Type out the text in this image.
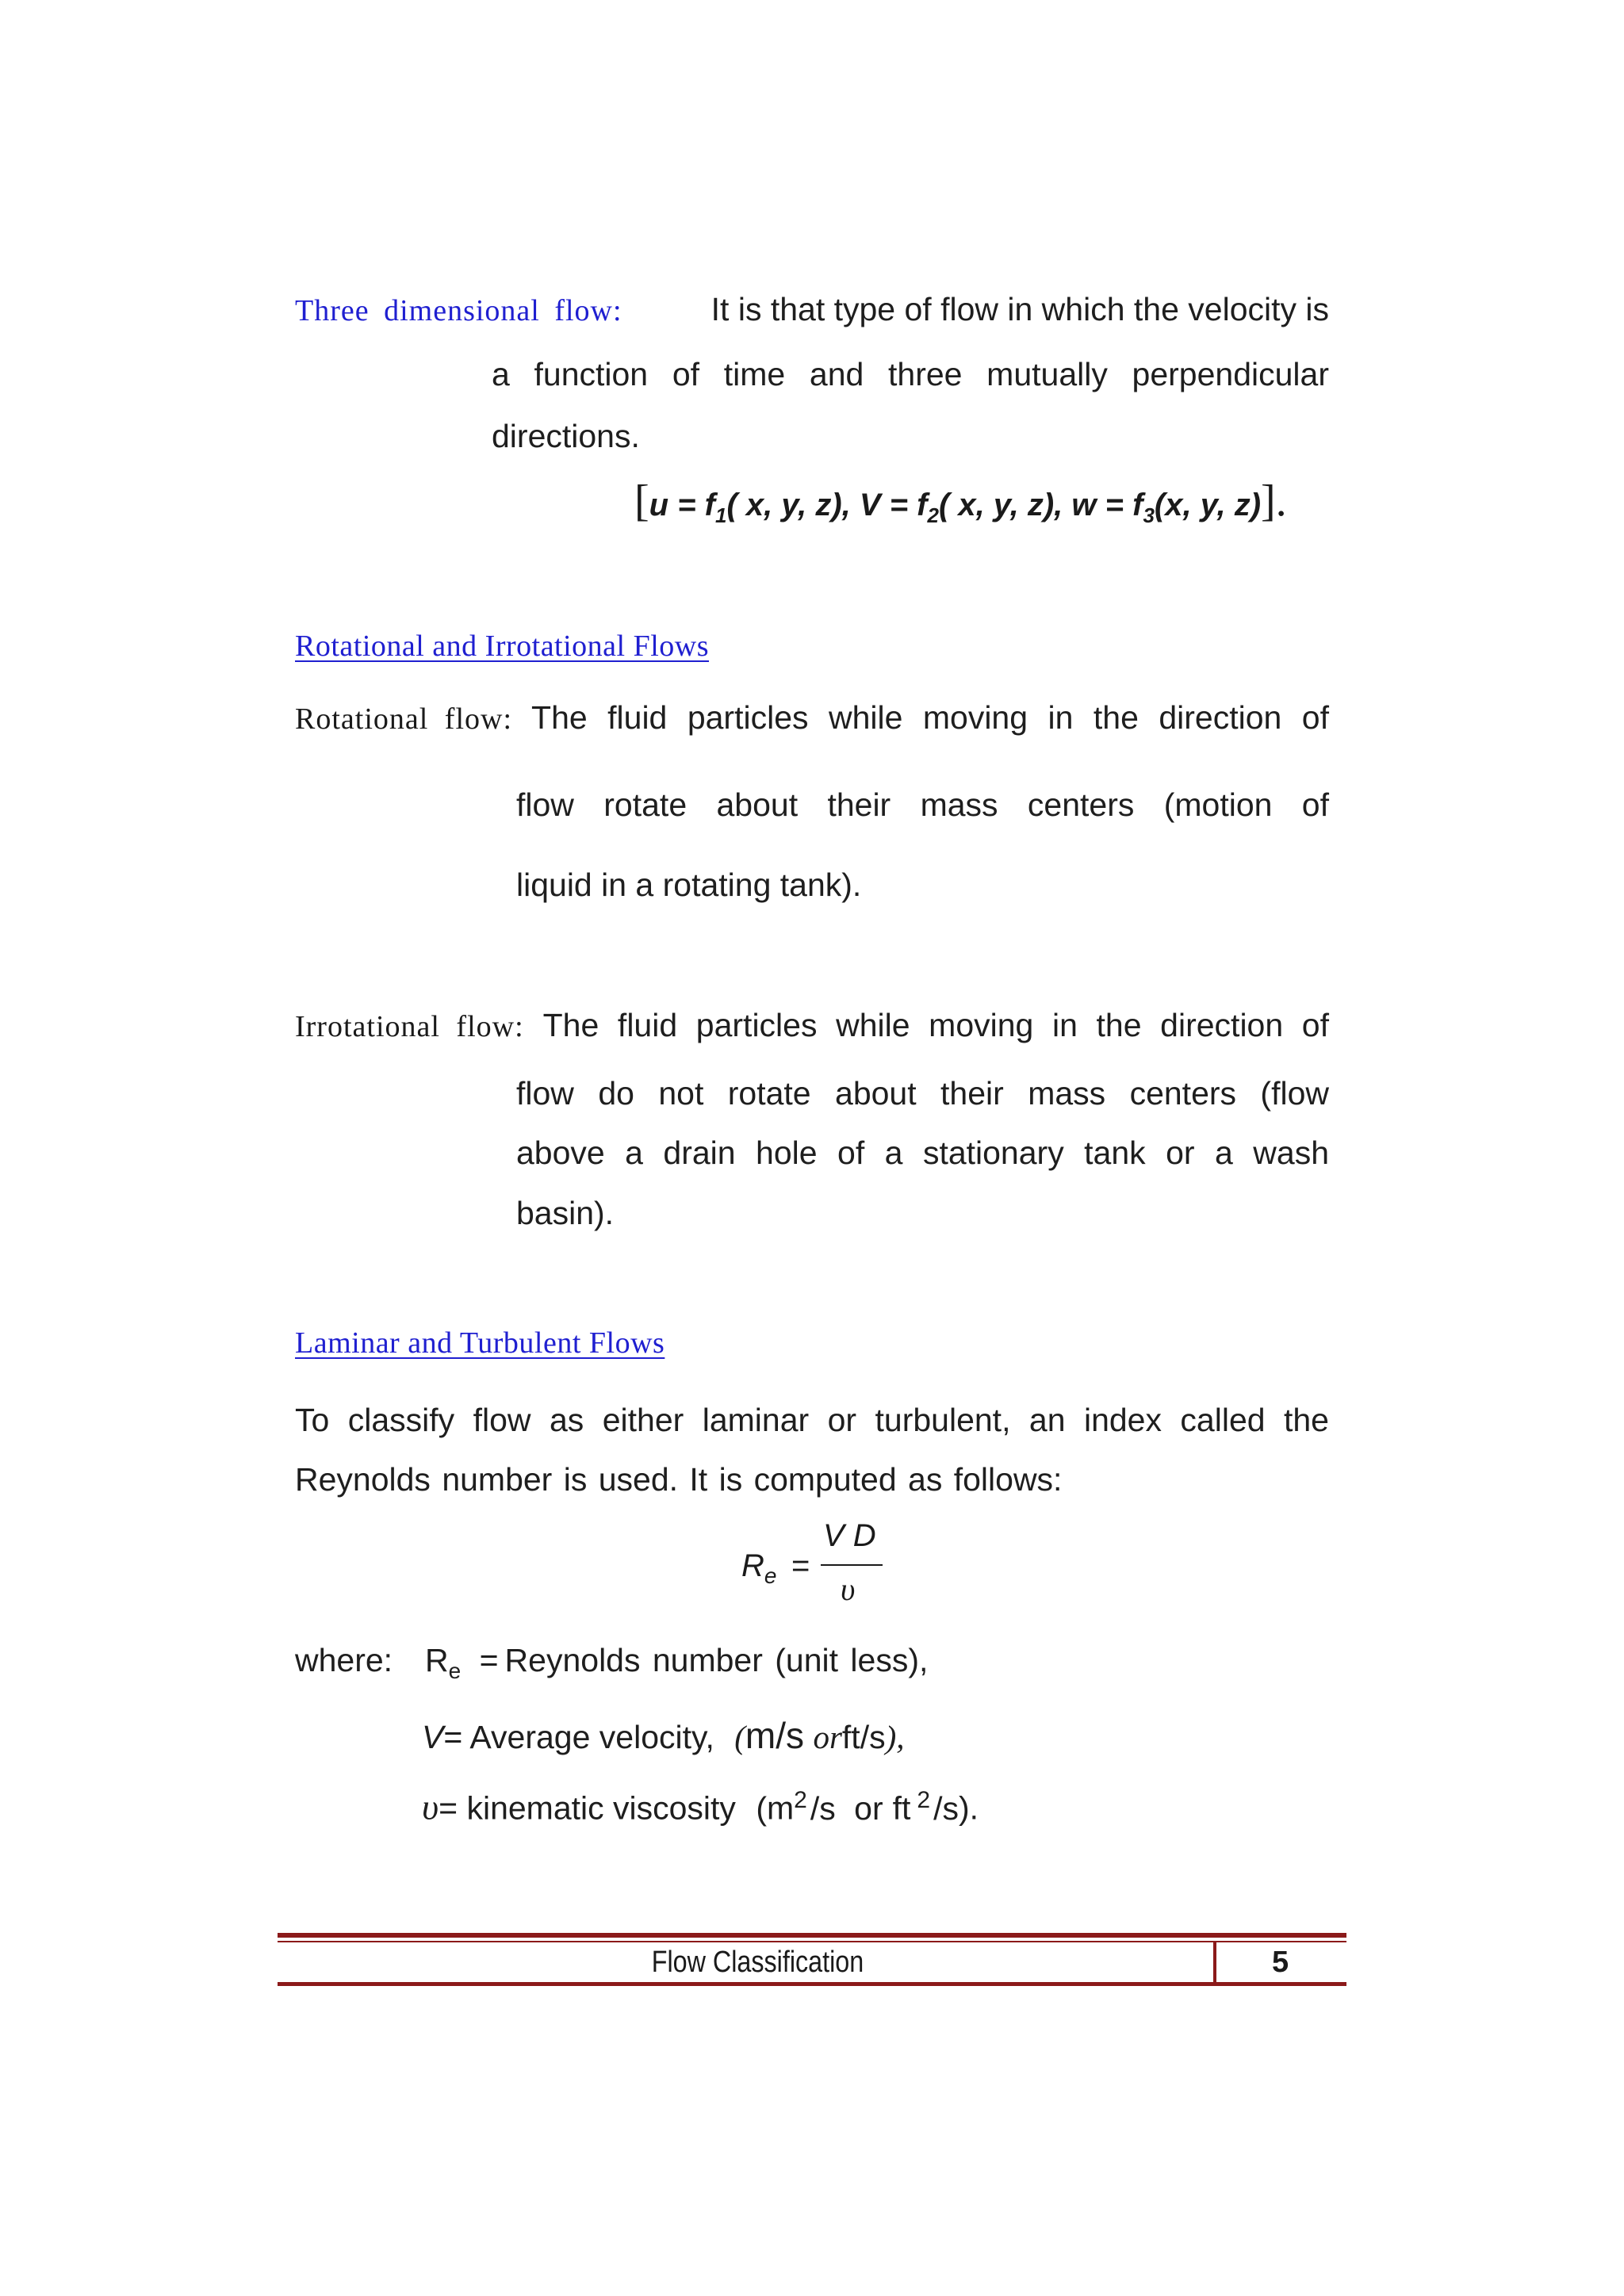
Three dimensional flow:	It is that type of flow in which the velocity is
a function of time and three mutually perpendicular
directions.
[$u = f_1$( x, y, z), $V = f_2$( x, y, z), $w = f_3(x$, y, z)].
Rotational and Irrotational Flows
Rotational flow: The fluid particles while moving in the direction of
flow rotate about their mass centers (motion of
liquid in a rotating tank).
Irrotational flow: The fluid particles while moving in the direction of
flow do not rotate about their mass centers (flow
above a drain hole of a stationary tank or a wash
basin).
Laminar and Turbulent Flows
To classify flow as either laminar or turbulent, an index called the
Reynolds number is used. It is computed as follows:
$R_e$ =
V D
υ
where: $R_e$ = Reynolds number (unit less),
V= Average velocity, (m/s orft/s),
υ= kinematic viscosity ($m^2/s$ or ft $^2$/s).
Flow Classification	5
